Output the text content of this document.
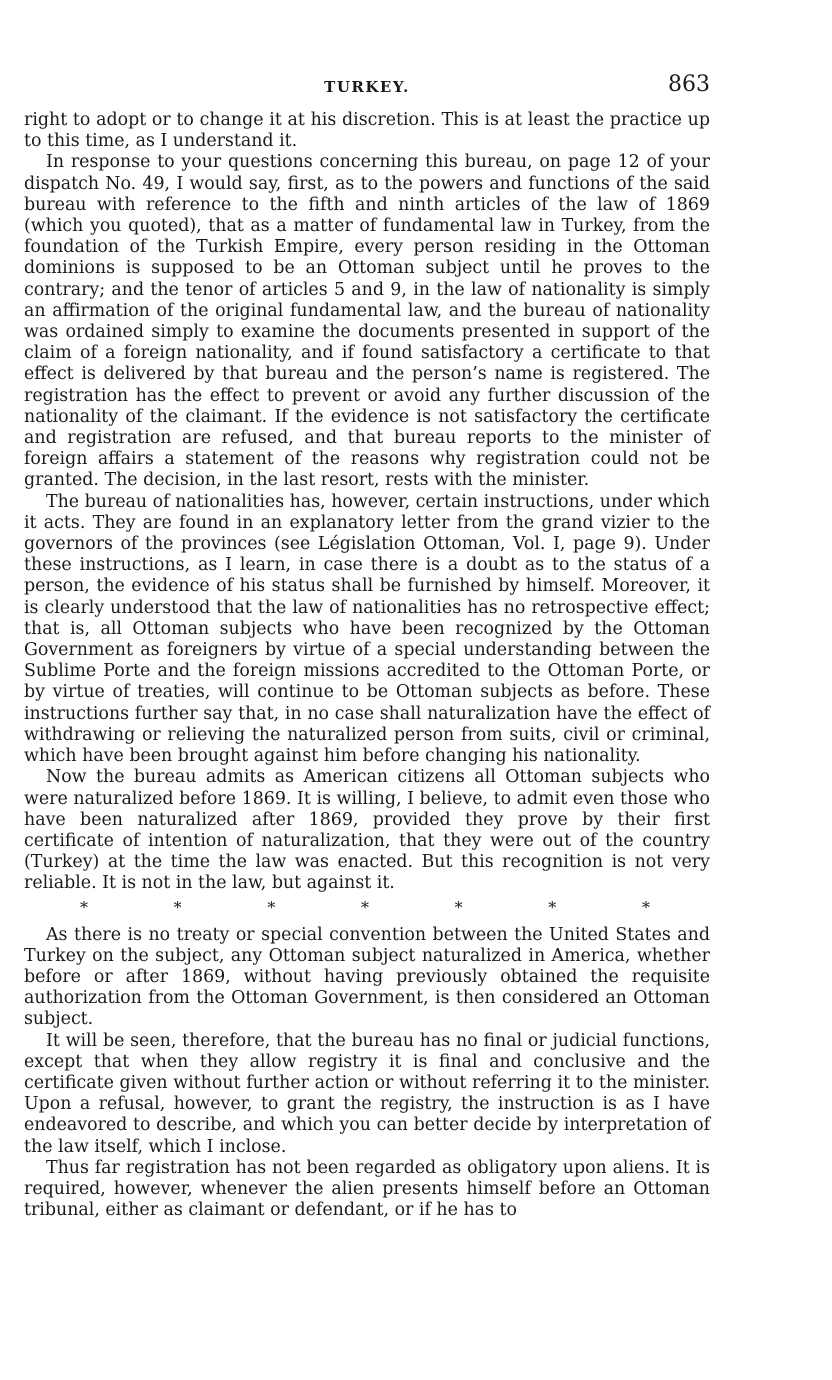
TURKEY.	863

right to adopt or to change it at his discretion. This is at least the practice up to this time, as I understand it.

In response to your questions concerning this bureau, on page 12 of your dispatch No. 49, I would say, first, as to the powers and functions of the said bureau with reference to the fifth and ninth articles of the law of 1869 (which you quoted), that as a matter of fundamental law in Turkey, from the foundation of the Turkish Empire, every person residing in the Ottoman dominions is supposed to be an Ottoman subject until he proves to the contrary; and the tenor of articles 5 and 9, in the law of nationality is simply an affirmation of the original fundamental law, and the bureau of nationality was ordained simply to examine the documents presented in support of the claim of a foreign nationality, and if found satisfactory a certificate to that effect is delivered by that bureau and the person’s name is registered. The registration has the effect to prevent or avoid any further discussion of the nationality of the claimant. If the evidence is not satisfactory the certificate and registration are refused, and that bureau reports to the minister of foreign affairs a statement of the reasons why registration could not be granted. The decision, in the last resort, rests with the minister.

The bureau of nationalities has, however, certain instructions, under which it acts. They are found in an explanatory letter from the grand vizier to the governors of the provinces (see Législation Ottoman, Vol. I, page 9). Under these instructions, as I learn, in case there is a doubt as to the status of a person, the evidence of his status shall be furnished by himself. Moreover, it is clearly understood that the law of nationalities has no retrospective effect; that is, all Ottoman subjects who have been recognized by the Ottoman Government as foreigners by virtue of a special understanding between the Sublime Porte and the foreign missions accredited to the Ottoman Porte, or by virtue of treaties, will continue to be Ottoman subjects as before. These instructions further say that, in no case shall naturalization have the effect of withdrawing or relieving the naturalized person from suits, civil or criminal, which have been brought against him before changing his nationality.

Now the bureau admits as American citizens all Ottoman subjects who were naturalized before 1869. It is willing, I believe, to admit even those who have been naturalized after 1869, provided they prove by their first certificate of intention of naturalization, that they were out of the country (Turkey) at the time the law was enacted. But this recognition is not very reliable. It is not in the law, but against it.

*	*	*	*	*	*	*

As there is no treaty or special convention between the United States and Turkey on the subject, any Ottoman subject naturalized in America, whether before or after 1869, without having previously obtained the requisite authorization from the Ottoman Government, is then considered an Ottoman subject.

It will be seen, therefore, that the bureau has no final or judicial functions, except that when they allow registry it is final and conclusive and the certificate given without further action or without referring it to the minister. Upon a refusal, however, to grant the registry, the instruction is as I have endeavored to describe, and which you can better decide by interpretation of the law itself, which I inclose.

Thus far registration has not been regarded as obligatory upon aliens. It is required, however, whenever the alien presents himself before an Ottoman tribunal, either as claimant or defendant, or if he has to
